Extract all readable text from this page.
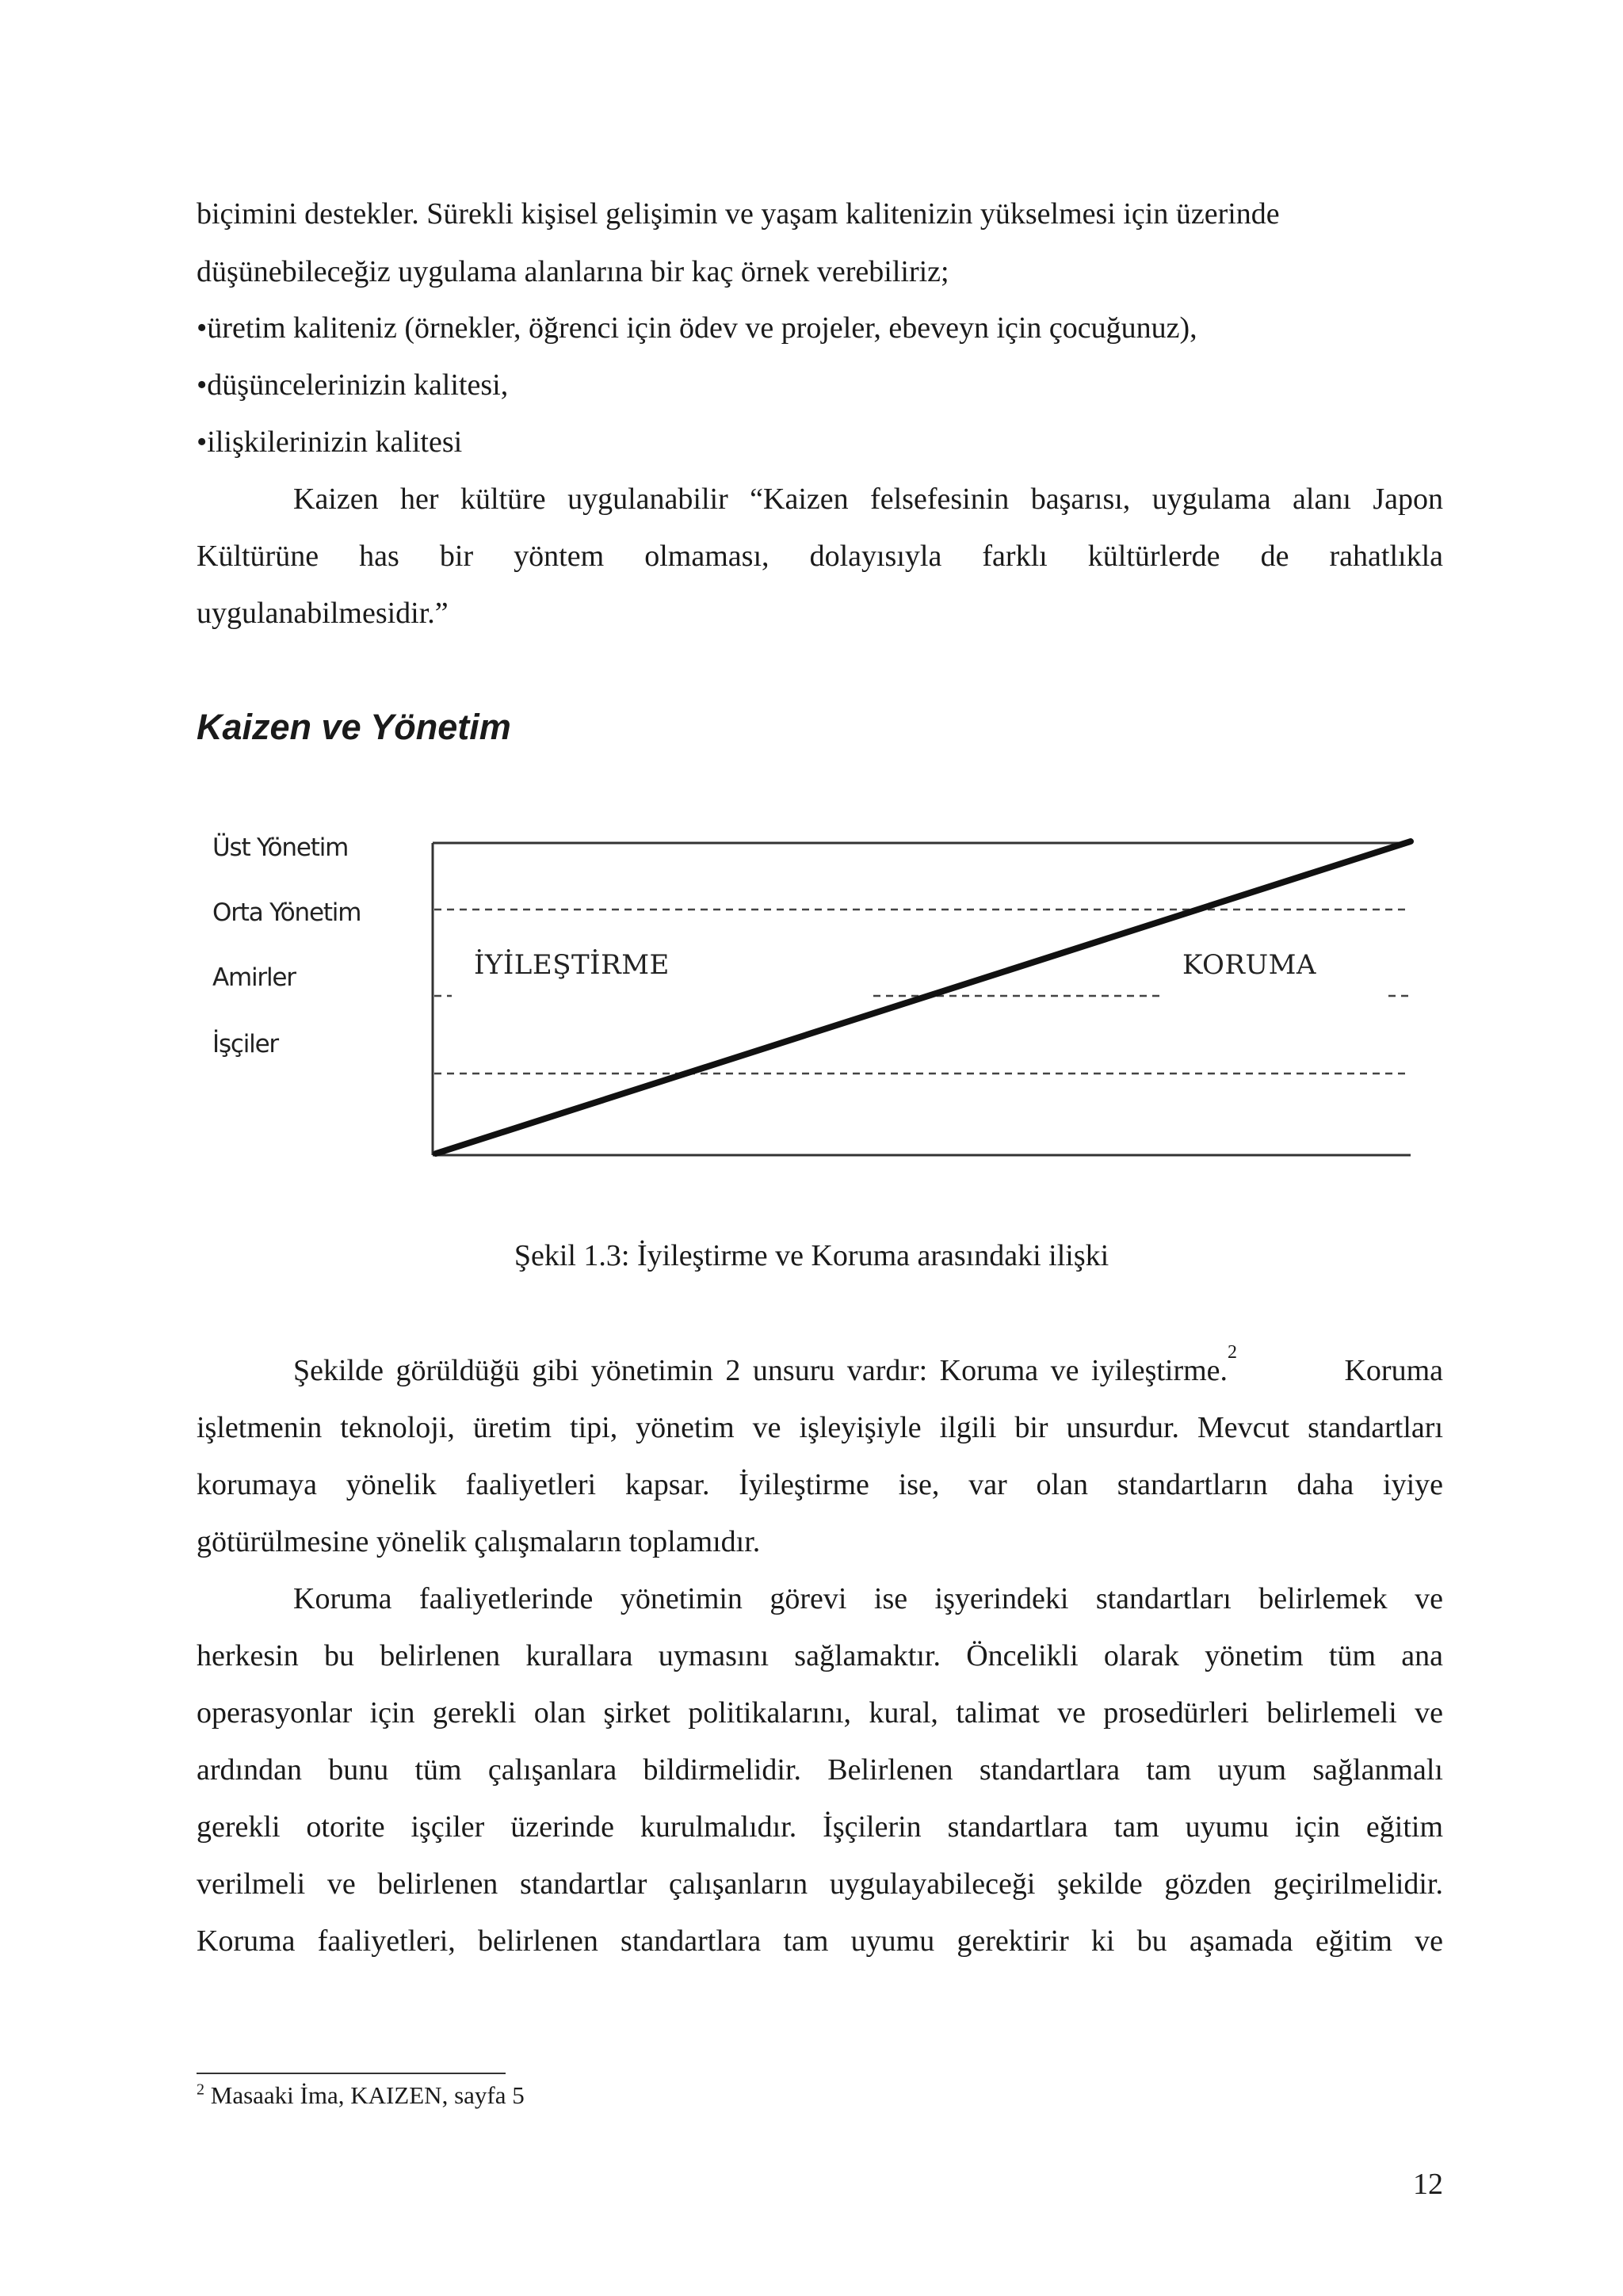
biçimini destekler. Sürekli kişisel gelişimin ve yaşam kalitenizin yükselmesi için üzerinde
düşünebileceğiz uygulama alanlarına bir kaç örnek verebiliriz;
•üretim kaliteniz (örnekler, öğrenci için ödev ve projeler, ebeveyn için çocuğunuz),
•düşüncelerinizin kalitesi,
•ilişkilerinizin kalitesi
Kaizen her kültüre uygulanabilir “Kaizen felsefesinin başarısı, uygulama alanı Japon
Kültürüne has bir yöntem olmaması, dolayısıyla farklı kültürlerde de rahatlıkla
uygulanabilmesidir.”
Kaizen ve Yönetim
Üst Yönetim
Orta Yönetim
Amirler
İşçiler
İYİLEŞTİRME	KORUMA
Şekil 1.3: İyileştirme ve Koruma arasındaki ilişki
Şekilde görüldüğü gibi yönetimin 2 unsuru vardır: Koruma ve iyileştirme.
2
Koruma
işletmenin teknoloji, üretim tipi, yönetim ve işleyişiyle ilgili bir unsurdur. Mevcut standartları
korumaya yönelik faaliyetleri kapsar. İyileştirme ise, var olan standartların daha iyiye
götürülmesine yönelik çalışmaların toplamıdır.
Koruma faaliyetlerinde yönetimin görevi ise işyerindeki standartları belirlemek ve
herkesin bu belirlenen kurallara uymasını sağlamaktır. Öncelikli olarak yönetim tüm ana
operasyonlar için gerekli olan şirket politikalarını, kural, talimat ve prosedürleri belirlemeli ve
ardından bunu tüm çalışanlara bildirmelidir. Belirlenen standartlara tam uyum sağlanmalı
gerekli otorite işçiler üzerinde kurulmalıdır. İşçilerin standartlara tam uyumu için eğitim
verilmeli ve belirlenen standartlar çalışanların uygulayabileceği şekilde gözden geçirilmelidir.
Koruma faaliyetleri, belirlenen standartlara tam uyumu gerektirir ki bu aşamada eğitim ve
$^2$ Masaaki İma, KAIZEN, sayfa 5
12
